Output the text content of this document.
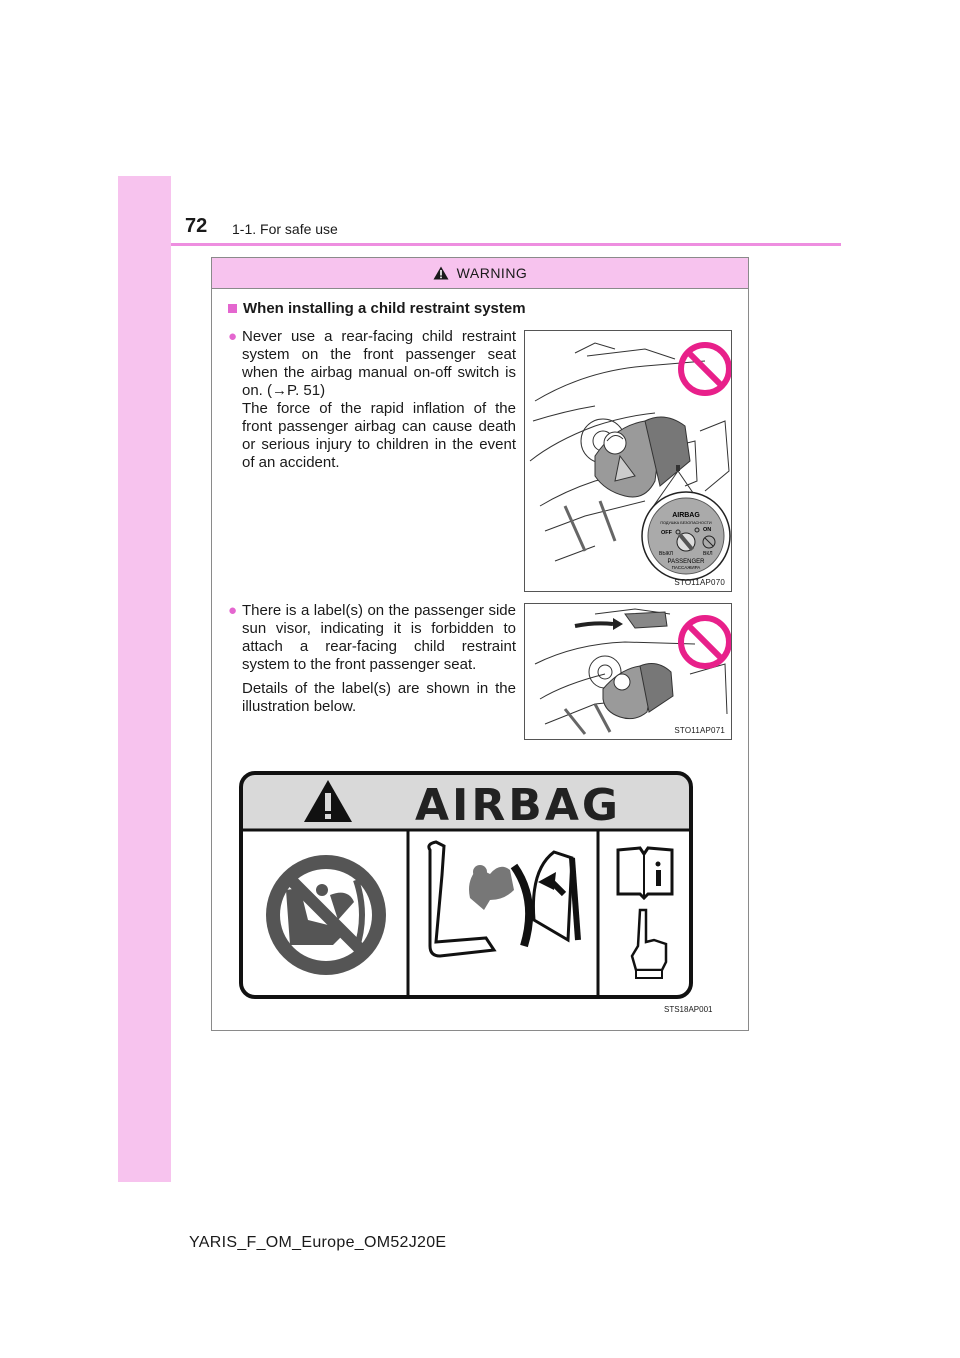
72 1-1. For safe use
WARNING
When installing a child restraint system
● Never use a rear-facing child restraint system on the front passenger seat when the airbag manual on-off switch is on. (→P. 51)

The force of the rapid inflation of the front passenger airbag can cause death or serious injury to children in the event of an accident.

● There is a label(s) on the passenger side sun visor, indicating it is forbidden to attach a rear-facing child restraint system to the front passenger seat.

Details of the label(s) are shown in the illustration below.

AIRBAG
ПОДУШКА БЕЗОПАСНОСТИ
OFF	ON
ВЫКЛ	ВКЛ
PASSENGER
ПАССАЖИРА
STO11AP070
STO11AP071
AIRBAG
STS18AP001
YARIS_F_OM_Europe_OM52J20E
